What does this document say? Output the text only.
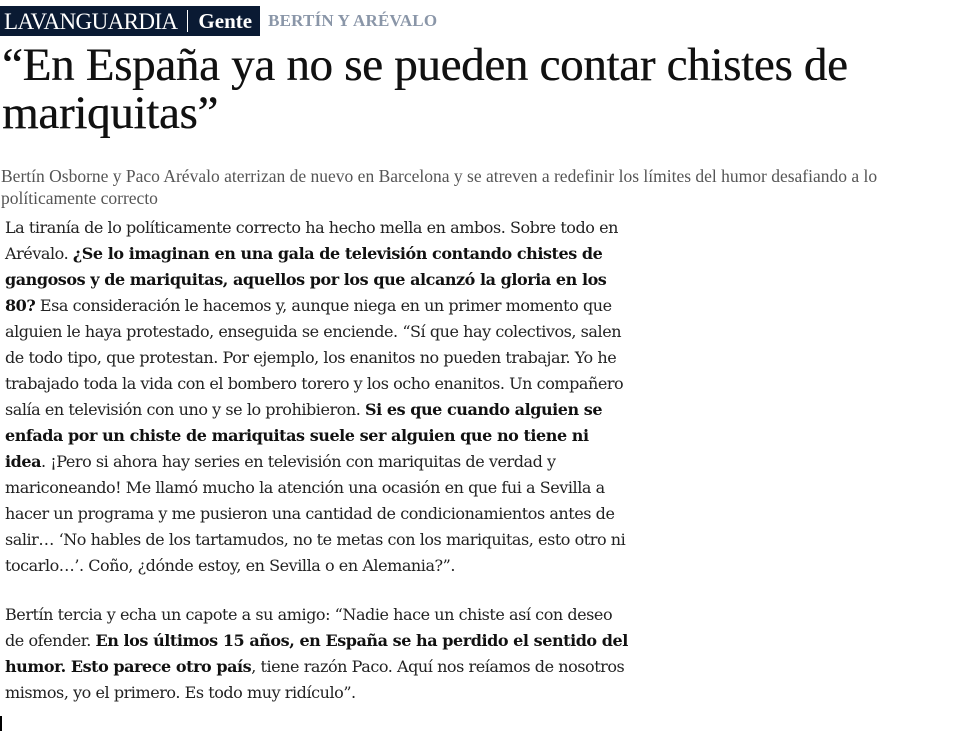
LAVANGUARDIA Gente BERTÍN Y ARÉVALO
“En España ya no se pueden contar chistes de mariquitas”

Bertín Osborne y Paco Arévalo aterrizan de nuevo en Barcelona y se atreven a redefinir los límites del humor desafiando a lo políticamente correcto

La tiranía de lo políticamente correcto ha hecho mella en ambos. Sobre todo en Arévalo. ¿Se lo imaginan en una gala de televisión contando chistes de gangosos y de mariquitas, aquellos por los que alcanzó la gloria en los 80? Esa consideración le hacemos y, aunque niega en un primer momento que alguien le haya protestado, enseguida se enciende. “Sí que hay colectivos, salen de todo tipo, que protestan. Por ejemplo, los enanitos no pueden trabajar. Yo he trabajado toda la vida con el bombero torero y los ocho enanitos. Un compañero salía en televisión con uno y se lo prohibieron. Si es que cuando alguien se enfada por un chiste de mariquitas suele ser alguien que no tiene ni idea. ¡Pero si ahora hay series en televisión con mariquitas de verdad y mariconeando! Me llamó mucho la atención una ocasión en que fui a Sevilla a hacer un programa y me pusieron una cantidad de condicionamientos antes de salir… ‘No hables de los tartamudos, no te metas con los mariquitas, esto otro ni tocarlo…’. Coño, ¿dónde estoy, en Sevilla o en Alemania?”.

Bertín tercia y echa un capote a su amigo: “Nadie hace un chiste así con deseo de ofender. En los últimos 15 años, en España se ha perdido el sentido del humor. Esto parece otro país, tiene razón Paco. Aquí nos reíamos de nosotros mismos, yo el primero. Es todo muy ridículo”.
